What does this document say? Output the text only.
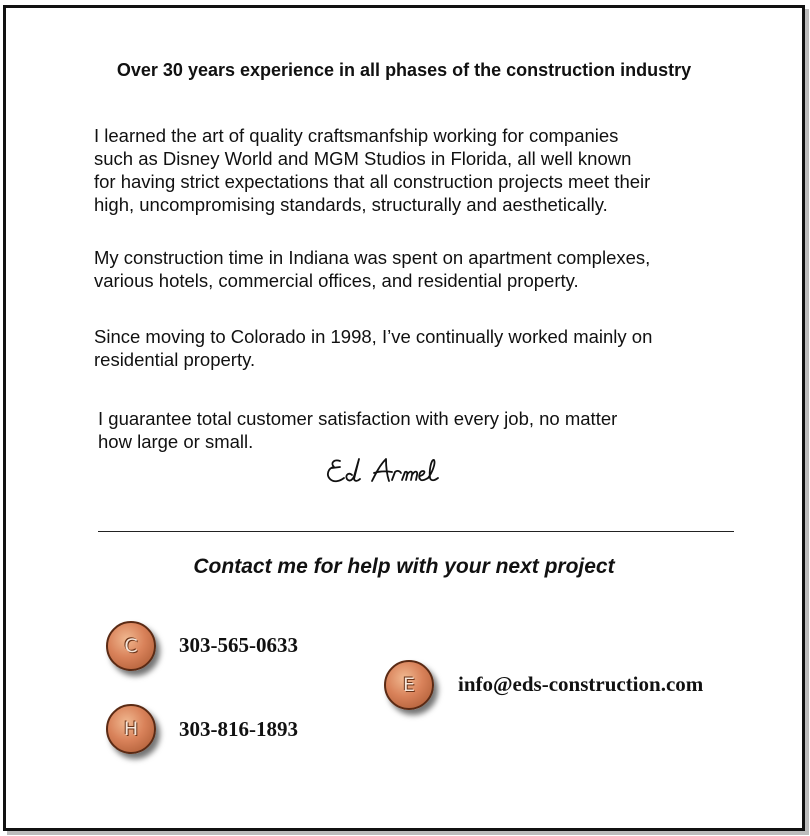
Over 30 years experience in all phases of the construction industry

I learned the art of quality craftsmanfship working for companies
such as Disney World and MGM Studios in Florida, all well known
for having strict expectations that all construction projects meet their
high, uncompromising standards, structurally and aesthetically.

My construction time in Indiana was spent on apartment complexes,
various hotels, commercial offices, and residential property.

Since moving to Colorado in 1998, I’ve continually worked mainly on
residential property.

I guarantee total customer satisfaction with every job, no matter
how large or small.

Contact me for help with your next project
C 303-565-0633
H 303-816-1893
E info@eds-construction.com
